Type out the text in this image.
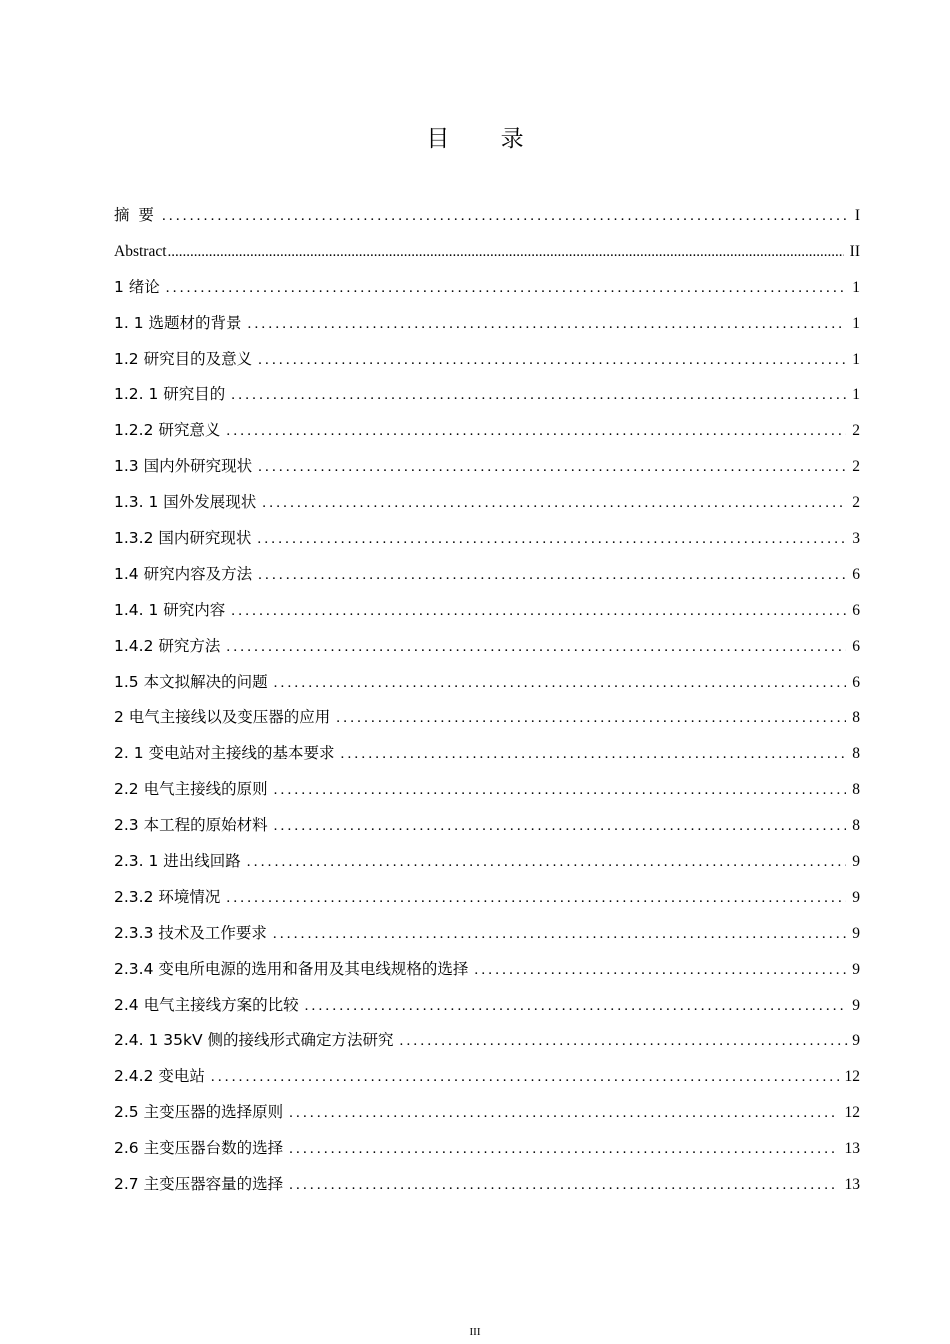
目 录
摘 要 .....	I
Abstract .....	II
1 绪论 .....	1
1. 1 选题材的背景 .....	1
1.2 研究目的及意义 .....	1
1.2. 1 研究目的 .....	1
1.2.2 研究意义 .....	2
1.3 国内外研究现状 .....	2
1.3. 1 国外发展现状 .....	2
1.3.2 国内研究现状 .....	3
1.4 研究内容及方法 .....	6
1.4. 1 研究内容 .....	6
1.4.2 研究方法 .....	6
1.5 本文拟解决的问题 .....	6
2 电气主接线以及变压器的应用 .....	8
2. 1 变电站对主接线的基本要求 .....	8
2.2 电气主接线的原则 .....	8
2.3 本工程的原始材料 .....	8
2.3. 1 进出线回路 .....	9
2.3.2 环境情况 .....	9
2.3.3 技术及工作要求 .....	9
2.3.4 变电所电源的选用和备用及其电线规格的选择 .....	9
2.4 电气主接线方案的比较 .....	9
2.4. 1 35kV 侧的接线形式确定方法研究 .....	9
2.4.2 变电站 .....	12
2.5 主变压器的选择原则 .....	12
2.6 主变压器台数的选择 .....	13
2.7 主变压器容量的选择 .....	13
III
